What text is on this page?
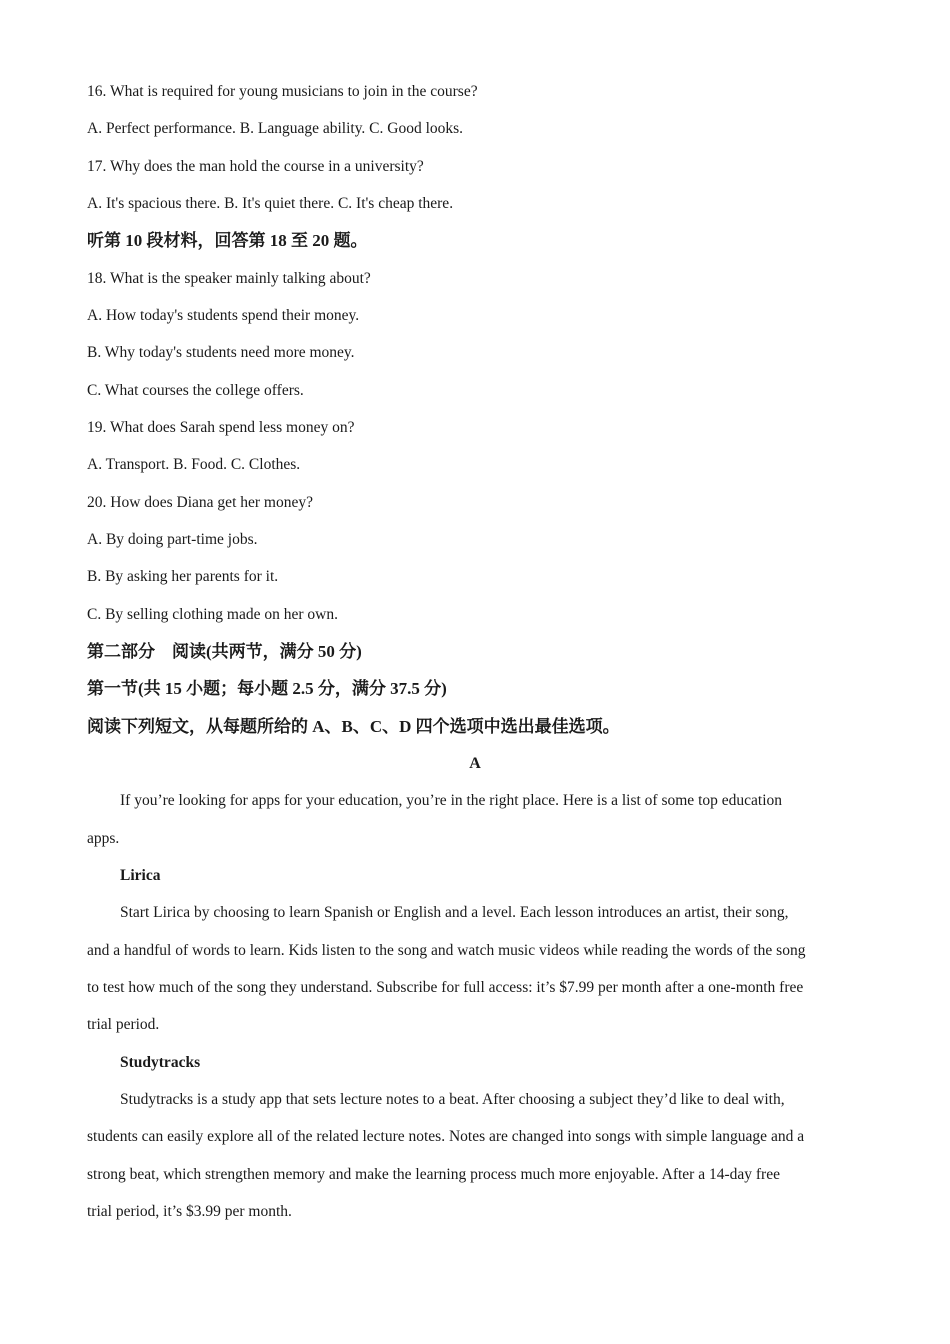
16. What is required for young musicians to join in the course?
A. Perfect performance. B. Language ability. C. Good looks.
17. Why does the man hold the course in a university?
A. It's spacious there. B. It's quiet there. C. It's cheap there.
听第 10 段材料，回答第 18 至 20 题。
18. What is the speaker mainly talking about?
A. How today's students spend their money.
B. Why today's students need more money.
C. What courses the college offers.
19. What does Sarah spend less money on?
A. Transport. B. Food. C. Clothes.
20. How does Diana get her money?
A. By doing part-time jobs.
B. By asking her parents for it.
C. By selling clothing made on her own.
第二部分　阅读(共两节，满分 50 分)
第一节(共 15 小题；每小题 2.5 分，满分 37.5 分)
阅读下列短文，从每题所给的 A、B、C、D 四个选项中选出最佳选项。
A
If you’re looking for apps for your education, you’re in the right place. Here is a list of some top education
apps.
Lirica
Start Lirica by choosing to learn Spanish or English and a level. Each lesson introduces an artist, their song,
and a handful of words to learn. Kids listen to the song and watch music videos while reading the words of the song
to test how much of the song they understand. Subscribe for full access: it’s $7.99 per month after a one-month free
trial period.
Studytracks
Studytracks is a study app that sets lecture notes to a beat. After choosing a subject they’d like to deal with,
students can easily explore all of the related lecture notes. Notes are changed into songs with simple language and a
strong beat, which strengthen memory and make the learning process much more enjoyable. After a 14-day free
trial period, it’s $3.99 per month.
